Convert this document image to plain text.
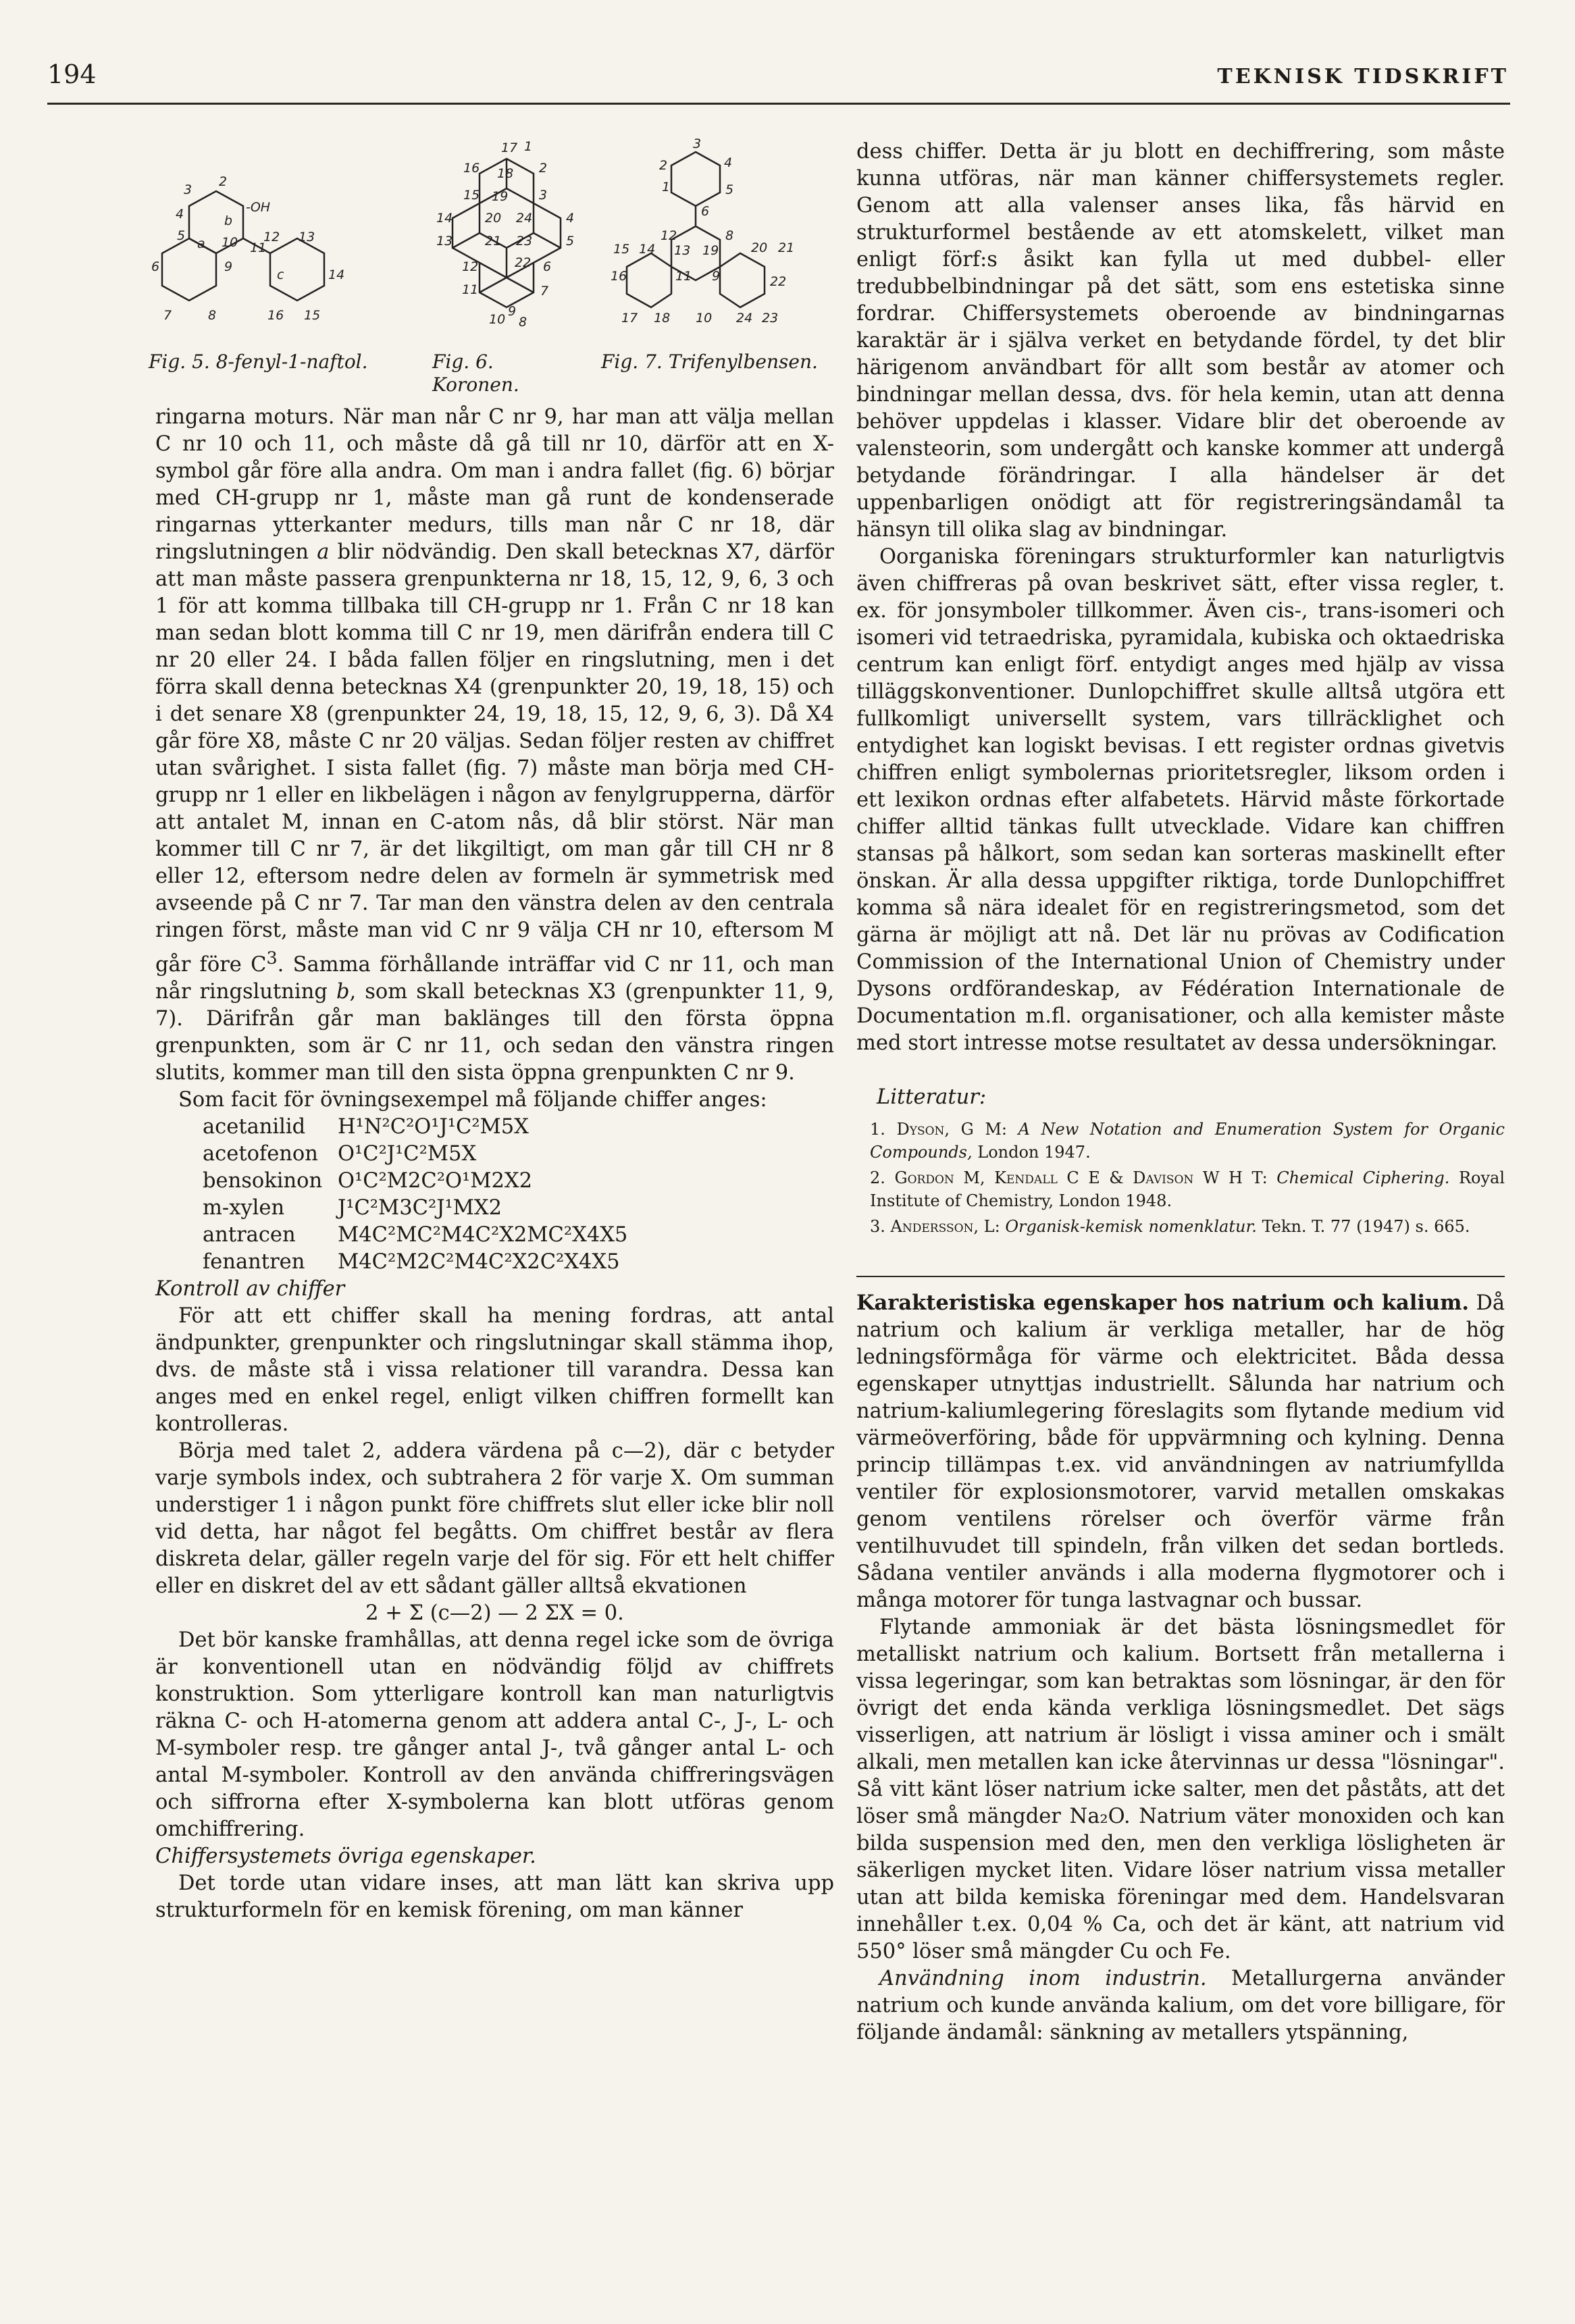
194	TEKNISK TIDSKRIFT
3
2
4	b
-OH
5
a 10
6
11
9
12 13
c	14
7	8	16 15
Fig. 5. 8-fenyl-1-naftol.
17 1
16 18 2
15 19 3
14	20 24	4
13	21 23	5
12	22 6
11	7
10
9
8
Fig. 6.
Koronen.
3
2	4
1	5
6
15 14
12	8
20 21
16
13 19
22
11 9
17 18 10 24 23
Fig. 7. Trifenylbensen.

ringarna moturs. När man når C nr 9, har man att välja mellan C nr 10 och 11, och måste då gå till nr 10, därför att en X-symbol går före alla andra. Om man i andra fallet (fig. 6) börjar med CH-grupp nr 1, måste man gå runt de kondenserade ringarnas ytterkanter medurs, tills man når C nr 18, där ringslutningen a blir nödvändig. Den skall betecknas X7, därför att man måste passera grenpunkterna nr 18, 15, 12, 9, 6, 3 och 1 för att komma tillbaka till CH-grupp nr 1. Från C nr 18 kan man sedan blott komma till C nr 19, men därifrån endera till C nr 20 eller 24. I båda fallen följer en ringslutning, men i det förra skall denna betecknas X4 (grenpunkter 20, 19, 18, 15) och i det senare X8 (grenpunkter 24, 19, 18, 15, 12, 9, 6, 3). Då X4 går före X8, måste C nr 20 väljas. Sedan följer resten av chiffret utan svårighet. I sista fallet (fig. 7) måste man börja med CH-grupp nr 1 eller en likbelägen i någon av fenylgrupperna, därför att antalet M, innan en C-atom nås, då blir störst. När man kommer till C nr 7, är det likgiltigt, om man går till CH nr 8 eller 12, eftersom nedre delen av formeln är symmetrisk med avseende på C nr 7. Tar man den vänstra delen av den centrala ringen först, måste man vid C nr 9 välja CH nr 10, eftersom M går före $C^3$. Samma förhållande inträffar vid C nr 11, och man når ringslutning b, som skall betecknas X3 (grenpunkter 11, 9, 7). Därifrån går man baklänges till den första öppna grenpunkten, som är C nr 11, och sedan den vänstra ringen slutits, kommer man till den sista öppna grenpunkten C nr 9.

Som facit för övningsexempel må följande chiffer anges:

acetanilid	H¹N²C²O¹J¹C²M5X
acetofenon	O¹C²J¹C²M5X
bensokinon	O¹C²M2C²O¹M2X2
m-xylen	J¹C²M3C²J¹MX2
antracen	M4C²MC²M4C²X2MC²X4X5
fenantren	M4C²M2C²M4C²X2C²X4X5

Kontroll av chiffer

För att ett chiffer skall ha mening fordras, att antal ändpunkter, grenpunkter och ringslutningar skall stämma ihop, dvs. de måste stå i vissa relationer till varandra. Dessa kan anges med en enkel regel, enligt vilken chiffren formellt kan kontrolleras.

Börja med talet 2, addera värdena på c—2), där c betyder varje symbols index, och subtrahera 2 för varje X. Om summan understiger 1 i någon punkt före chiffrets slut eller icke blir noll vid detta, har något fel begåtts. Om chiffret består av flera diskreta delar, gäller regeln varje del för sig. För ett helt chiffer eller en diskret del av ett sådant gäller alltså ekvationen

2 + Σ (c—2) — 2 ΣX = 0.

Det bör kanske framhållas, att denna regel icke som de övriga är konventionell utan en nödvändig följd av chiffrets konstruktion. Som ytterligare kontroll kan man naturligtvis räkna C- och H-atomerna genom att addera antal C-, J-, L- och M-symboler resp. tre gånger antal J-, två gånger antal L- och antal M-symboler. Kontroll av den använda chiffreringsvägen och siffrorna efter X-symbolerna kan blott utföras genom omchiffrering.

Chiffersystemets övriga egenskaper.

Det torde utan vidare inses, att man lätt kan skriva upp strukturformeln för en kemisk förening, om man känner

dess chiffer. Detta är ju blott en dechiffrering, som måste kunna utföras, när man känner chiffersystemets regler. Genom att alla valenser anses lika, fås härvid en strukturformel bestående av ett atomskelett, vilket man enligt förf:s åsikt kan fylla ut med dubbel- eller tredubbelbindningar på det sätt, som ens estetiska sinne fordrar. Chiffersystemets oberoende av bindningarnas karaktär är i själva verket en betydande fördel, ty det blir härigenom användbart för allt som består av atomer och bindningar mellan dessa, dvs. för hela kemin, utan att denna behöver uppdelas i klasser. Vidare blir det oberoende av valensteorin, som undergått och kanske kommer att undergå betydande förändringar. I alla händelser är det uppenbarligen onödigt att för registreringsändamål ta hänsyn till olika slag av bindningar.

Oorganiska föreningars strukturformler kan naturligtvis även chiffreras på ovan beskrivet sätt, efter vissa regler, t. ex. för jonsymboler tillkommer. Även cis-, trans-isomeri och isomeri vid tetraedriska, pyramidala, kubiska och oktaedriska centrum kan enligt förf. entydigt anges med hjälp av vissa tilläggskonventioner. Dunlopchiffret skulle alltså utgöra ett fullkomligt universellt system, vars tillräcklighet och entydighet kan logiskt bevisas. I ett register ordnas givetvis chiffren enligt symbolernas prioritetsregler, liksom orden i ett lexikon ordnas efter alfabetets. Härvid måste förkortade chiffer alltid tänkas fullt utvecklade. Vidare kan chiffren stansas på hålkort, som sedan kan sorteras maskinellt efter önskan. Är alla dessa uppgifter riktiga, torde Dunlopchiffret komma så nära idealet för en registreringsmetod, som det gärna är möjligt att nå. Det lär nu prövas av Codification Commission of the International Union of Chemistry under Dysons ordförandeskap, av Fédération Internationale de Documentation m.fl. organisationer, och alla kemister måste med stort intresse motse resultatet av dessa undersökningar.

Litteratur:
1. Dyson, G M: A New Notation and Enumeration System for Organic Compounds, London 1947.
2. Gordon M, Kendall C E & Davison W H T: Chemical Ciphering. Royal Institute of Chemistry, London 1948.
3. Andersson, L: Organisk-kemisk nomenklatur. Tekn. T. 77 (1947) s. 665.

Karakteristiska egenskaper hos natrium och kalium. Då natrium och kalium är verkliga metaller, har de hög ledningsförmåga för värme och elektricitet. Båda dessa egenskaper utnyttjas industriellt. Sålunda har natrium och natrium-kaliumlegering föreslagits som flytande medium vid värmeöverföring, både för uppvärmning och kylning. Denna princip tillämpas t.ex. vid användningen av natriumfyllda ventiler för explosionsmotorer, varvid metallen omskakas genom ventilens rörelser och överför värme från ventilhuvudet till spindeln, från vilken det sedan bortleds. Sådana ventiler används i alla moderna flygmotorer och i många motorer för tunga lastvagnar och bussar.

Flytande ammoniak är det bästa lösningsmedlet för metalliskt natrium och kalium. Bortsett från metallerna i vissa legeringar, som kan betraktas som lösningar, är den för övrigt det enda kända verkliga lösningsmedlet. Det sägs visserligen, att natrium är lösligt i vissa aminer och i smält alkali, men metallen kan icke återvinnas ur dessa "lösningar". Så vitt känt löser natrium icke salter, men det påståts, att det löser små mängder Na₂O. Natrium väter monoxiden och kan bilda suspension med den, men den verkliga lösligheten är säkerligen mycket liten. Vidare löser natrium vissa metaller utan att bilda kemiska föreningar med dem. Handelsvaran innehåller t.ex. 0,04 % Ca, och det är känt, att natrium vid 550° löser små mängder Cu och Fe.

Användning inom industrin. Metallurgerna använder natrium och kunde använda kalium, om det vore billigare, för följande ändamål: sänkning av metallers ytspänning,
